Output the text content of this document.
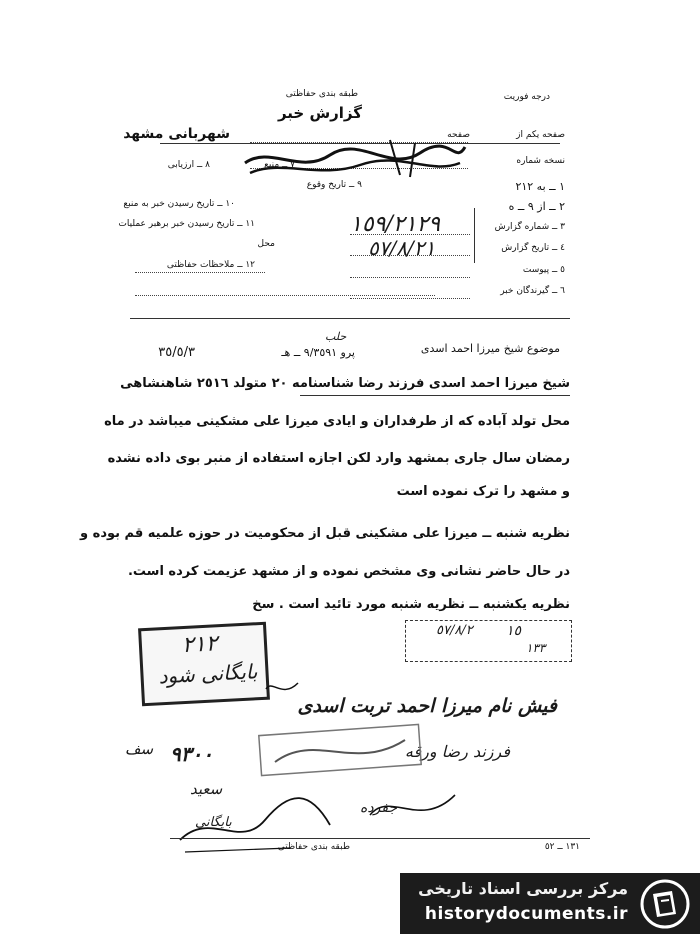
درجه فوریت
طبقه بندی حفاظتی
گزارش خبر
شهربانی مشهد	صفحه یکم از
صفحه
نسخه شماره
١ ــ به ٢١٢
٢ ــ از ٩ ــ ه
٣ ــ شماره گزارش
٤ ــ تاریخ گزارش
٥ ــ پیوست
٦ ــ گیرندگان خبر
٩ ــ تاریخ وقوع
١٠ ــ تاریخ رسیدن خبر به منبع
١١ ــ تاریخ رسیدن خبر برهبر عملیات
محل
١٢ ــ ملاحظات حفاظتی
٧ ــ منبع
٨ ــ ارزیابی
١٥٩/٢١٢٩
٥٧/٨/٢١
موضوع شیخ میرزا احمد اسدی
پرو ٩/٣٥٩١ ــ هـ
٣٥/٥/٣
حلب
شیخ میرزا احمد اسدی فرزند رضا شناسنامه ٢٠ متولد ٢٥١٦ شاهنشاهی
محل تولد آباده که از طرفداران و ایادی میرزا علی مشکینی میباشد در ماه
رمضان سال جاری بمشهد وارد لکن اجازه استفاده از منبر بوی داده نشده
و مشهد را ترک نموده است
نظریه شنبه ــ میرزا علی مشکینی قبل از محکومیت در حوزه علمیه قم بوده و
در حال حاضر نشانی وی مشخص نموده و از مشهد عزیمت کرده است.
نظریه یکشنبه ــ نظریه شنبه مورد تائید است . سخ
٢١٢
بایگانی شود
١٥
٥٧/٨/٢
١٣٣
فیش نام میرزا احمد تربت اسدی
فرزند رضا ورقه
٩٣٠٠
سف
سعید
جفرده
بایگانی
طبقه بندی حفاظتی	١٣١ ــ ٥٢
مرکز بررسی اسناد تاریخی
historydocuments.ir
